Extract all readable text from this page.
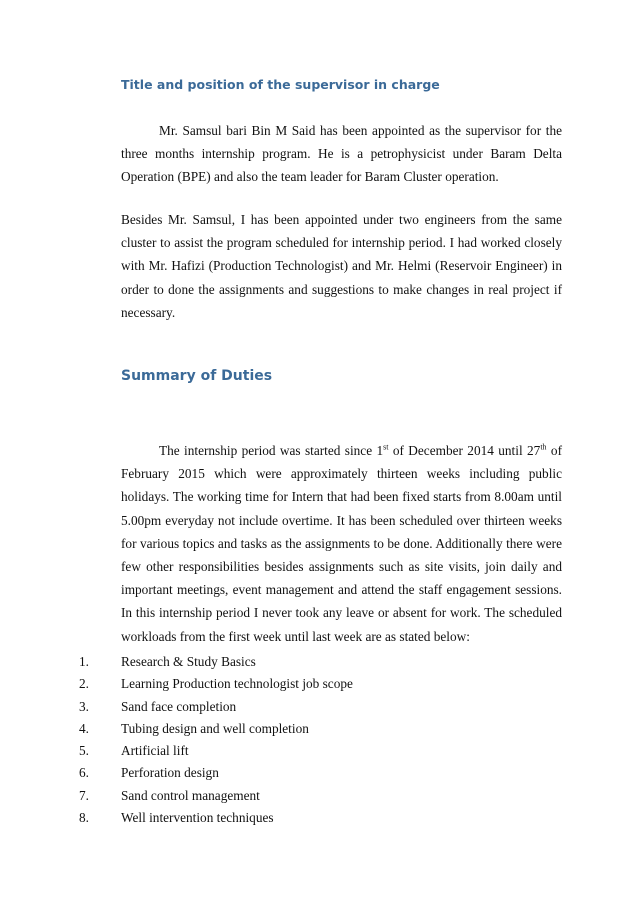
Title and position of the supervisor in charge

Mr. Samsul bari Bin M Said has been appointed as the supervisor for the three months internship program. He is a petrophysicist under Baram Delta Operation (BPE) and also the team leader for Baram Cluster operation.

Besides Mr. Samsul, I has been appointed under two engineers from the same cluster to assist the program scheduled for internship period. I had worked closely with Mr. Hafizi (Production Technologist) and Mr. Helmi (Reservoir Engineer) in order to done the assignments and suggestions to make changes in real project if necessary.

Summary of Duties

The internship period was started since 1st of December 2014 until 27th of February 2015 which were approximately thirteen weeks including public holidays. The working time for Intern that had been fixed starts from 8.00am until 5.00pm everyday not include overtime. It has been scheduled over thirteen weeks for various topics and tasks as the assignments to be done. Additionally there were few other responsibilities besides assignments such as site visits, join daily and important meetings, event management and attend the staff engagement sessions. In this internship period I never took any leave or absent for work. The scheduled workloads from the first week until last week are as stated below:

1.	Research & Study Basics
2.	Learning Production technologist job scope
3.	Sand face completion
4.	Tubing design and well completion
5.	Artificial lift
6.	Perforation design
7.	Sand control management
8.	Well intervention techniques
